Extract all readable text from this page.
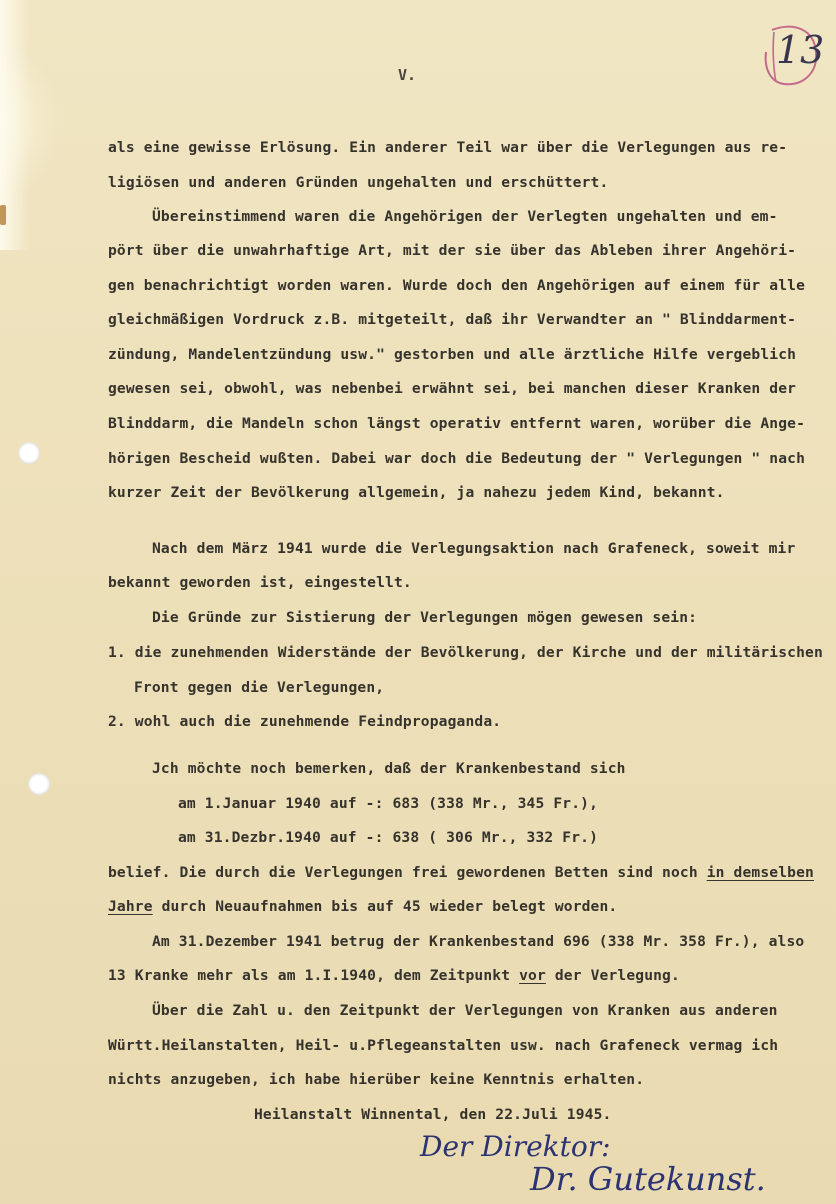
13
V.
als eine gewisse Erlösung. Ein anderer Teil war über die Verlegungen aus re-
ligiösen und anderen Gründen ungehalten und erschüttert.
Übereinstimmend waren die Angehörigen der Verlegten ungehalten und em-
pört über die unwahrhaftige Art, mit der sie über das Ableben ihrer Angehöri-
gen benachrichtigt worden waren. Wurde doch den Angehörigen auf einem für alle
gleichmäßigen Vordruck z.B. mitgeteilt, daß ihr Verwandter an " Blinddarment-
zündung, Mandelentzündung usw." gestorben und alle ärztliche Hilfe vergeblich
gewesen sei, obwohl, was nebenbei erwähnt sei, bei manchen dieser Kranken der
Blinddarm, die Mandeln schon längst operativ entfernt waren, worüber die Ange-
hörigen Bescheid wußten. Dabei war doch die Bedeutung der " Verlegungen " nach
kurzer Zeit der Bevölkerung allgemein, ja nahezu jedem Kind, bekannt.
Nach dem März 1941 wurde die Verlegungsaktion nach Grafeneck, soweit mir
bekannt geworden ist, eingestellt.
Die Gründe zur Sistierung der Verlegungen mögen gewesen sein:
1. die zunehmenden Widerstände der Bevölkerung, der Kirche und der militärischen
Front gegen die Verlegungen,
2. wohl auch die zunehmende Feindpropaganda.
Jch möchte noch bemerken, daß der Krankenbestand sich
am 1.Januar 1940 auf -: 683 (338 Mr., 345 Fr.),
am 31.Dezbr.1940 auf -: 638 ( 306 Mr., 332 Fr.)
belief. Die durch die Verlegungen frei gewordenen Betten sind noch in demselben
Jahre durch Neuaufnahmen bis auf 45 wieder belegt worden.
Am 31.Dezember 1941 betrug der Krankenbestand 696 (338 Mr. 358 Fr.), also
13 Kranke mehr als am 1.I.1940, dem Zeitpunkt vor der Verlegung.
Über die Zahl u. den Zeitpunkt der Verlegungen von Kranken aus anderen
Württ.Heilanstalten, Heil- u.Pflegeanstalten usw. nach Grafeneck vermag ich
nichts anzugeben, ich habe hierüber keine Kenntnis erhalten.
Heilanstalt Winnental, den 22.Juli 1945.
Der Direktor:
Dr. Gutekunst.
